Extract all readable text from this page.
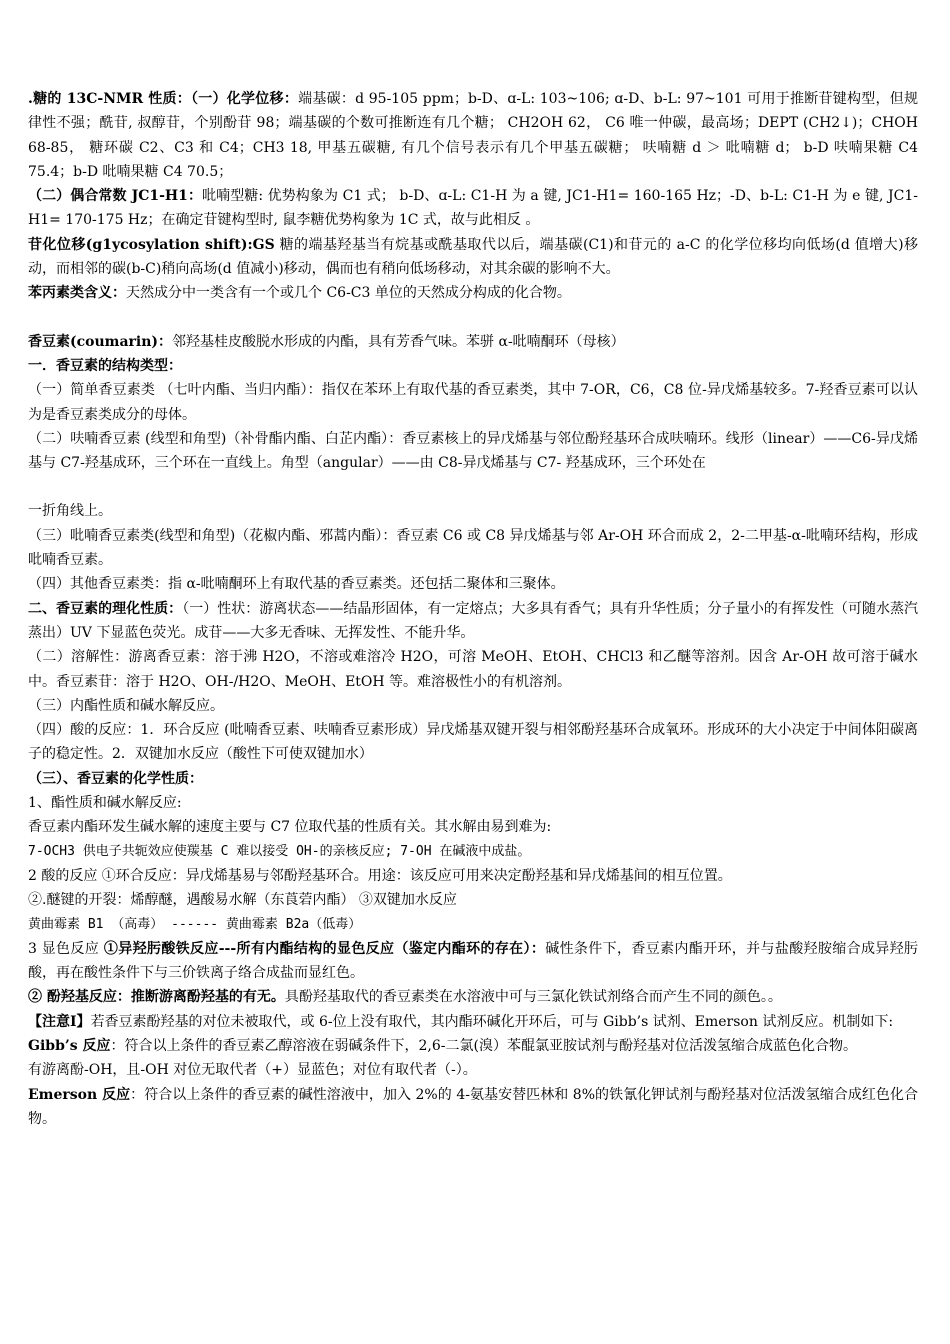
.糖的 13C-NMR 性质：（一）化学位移：端基碳：d 95-105 ppm；b-D、ɑ-L: 103~106; ɑ-D、b-L: 97~101 可用于推断苷键构型，但规律性不强；酰苷, 叔醇苷，个别酚苷 98；端基碳的个数可推断连有几个糖； CH2OH 62， C6 唯一仲碳，最高场；DEPT (CH2↓)；CHOH 68-85， 糖环碳 C2、C3 和 C4；CH3 18, 甲基五碳糖, 有几个信号表示有几个甲基五碳糖； 呋喃糖 d ＞ 吡喃糖 d； b-D 呋喃果糖 C4 75.4；b-D 吡喃果糖 C4 70.5；

（二）偶合常数 JC1-H1：吡喃型糖: 优势构象为 C1 式； b-D、ɑ-L: C1-H 为 a 键, JC1-H1= 160-165 Hz；-D、b-L: C1-H 为 e 键, JC1-H1= 170-175 Hz；在确定苷键构型时, 鼠李糖优势构象为 1C 式，故与此相反 。

苷化位移(g1ycosylation shift):GS 糖的端基羟基当有烷基或酰基取代以后，端基碳(C1)和苷元的 a-C 的化学位移均向低场(d 值增大)移动，而相邻的碳(b-C)稍向高场(d 值减小)移动，偶而也有稍向低场移动，对其余碳的影响不大。

苯丙素类含义：天然成分中一类含有一个或几个 C6-C3 单位的天然成分构成的化合物。

香豆素(coumarin)：邻羟基桂皮酸脱水形成的内酯，具有芳香气味。苯骈 α-吡喃酮环（母核）

一．香豆素的结构类型：

（一）简单香豆素类 （七叶内酯、当归内酯）：指仅在苯环上有取代基的香豆素类，其中 7-OR，C6，C8 位-异戊烯基较多。7-羟香豆素可以认为是香豆素类成分的母体。

（二）呋喃香豆素 (线型和角型)（补骨酯内酯、白芷内酯）：香豆素核上的异戊烯基与邻位酚羟基环合成呋喃环。线形（linear）——C6-异戊烯基与 C7-羟基成环，三个环在一直线上。角型（angular）——由 C8-异戊烯基与 C7- 羟基成环，三个环处在

一折角线上。

（三）吡喃香豆素类(线型和角型)（花椒内酯、邪蒿内酯）：香豆素 C6 或 C8 异戊烯基与邻 Ar-OH 环合而成 2，2-二甲基-α-吡喃环结构，形成吡喃香豆素。

（四）其他香豆素类：指 α-吡喃酮环上有取代基的香豆素类。还包括二聚体和三聚体。

二、香豆素的理化性质：（一）性状：游离状态——结晶形固体，有一定熔点；大多具有香气；具有升华性质；分子量小的有挥发性（可随水蒸汽蒸出）UV 下显蓝色荧光。成苷——大多无香味、无挥发性、不能升华。

（二）溶解性：游离香豆素：溶于沸 H2O，不溶或难溶冷 H2O，可溶 MeOH、EtOH、CHCl3 和乙醚等溶剂。因含 Ar-OH 故可溶于碱水中。香豆素苷：溶于 H2O、OH-/H2O、MeOH、EtOH 等。难溶极性小的有机溶剂。

（三）内酯性质和碱水解反应。

（四）酸的反应：1．环合反应 (吡喃香豆素、呋喃香豆素形成）异戊烯基双键开裂与相邻酚羟基环合成氧环。形成环的大小决定于中间体阳碳离子的稳定性。2．双键加水反应（酸性下可使双键加水）

（三）、香豆素的化学性质：

1、酯性质和碱水解反应:

香豆素内酯环发生碱水解的速度主要与 C7 位取代基的性质有关。其水解由易到难为:

7-OCH3 供电子共轭效应使羰基 C 难以接受 OH-的亲核反应; 7-OH 在碱液中成盐。

2 酸的反应 ①环合反应：异戊烯基易与邻酚羟基环合。用途：该反应可用来决定酚羟基和异戊烯基间的相互位置。

②.醚键的开裂：烯醇醚，遇酸易水解（东莨菪内酯） ③双键加水反应

黄曲霉素 B1 （高毒） ------ 黄曲霉素 B2a（低毒）

3 显色反应 ①异羟肟酸铁反应---所有内酯结构的显色反应（鉴定内酯环的存在）：碱性条件下，香豆素内酯开环，并与盐酸羟胺缩合成异羟肟酸，再在酸性条件下与三价铁离子络合成盐而显红色。

② 酚羟基反应：推断游离酚羟基的有无。具酚羟基取代的香豆素类在水溶液中可与三氯化铁试剂络合而产生不同的颜色。。

【注意Ⅰ】若香豆素酚羟基的对位未被取代，或 6-位上没有取代，其内酯环碱化开环后，可与 Gibb’s 试剂、Emerson 试剂反应。机制如下:

Gibb’s 反应：符合以上条件的香豆素乙醇溶液在弱碱条件下，2,6-二氯(溴）苯醌氯亚胺试剂与酚羟基对位活泼氢缩合成蓝色化合物。

有游离酚-OH，且-OH 对位无取代者（+）显蓝色；对位有取代者（-）。

Emerson 反应：符合以上条件的香豆素的碱性溶液中，加入 2%的 4-氨基安替匹林和 8%的铁氰化钾试剂与酚羟基对位活泼氢缩合成红色化合物。
